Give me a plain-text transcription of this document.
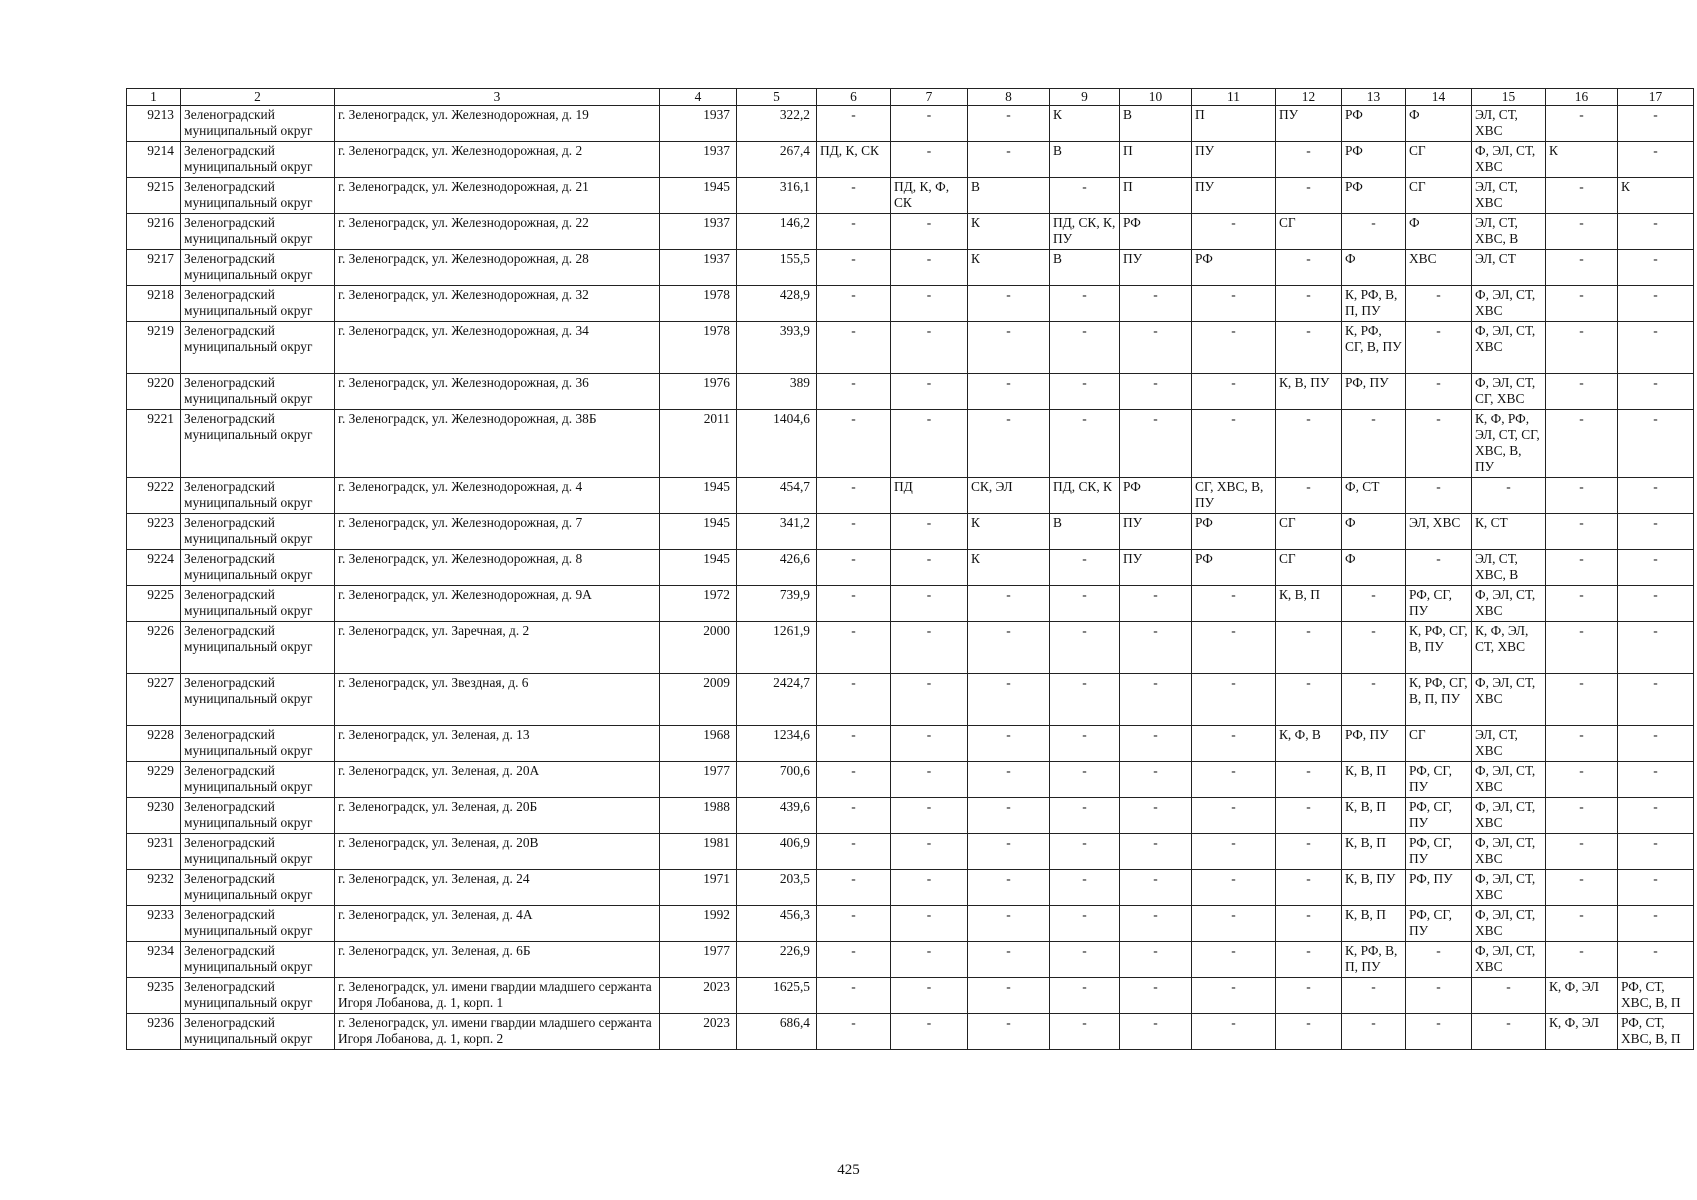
1	2	3	4	5	6	7	8	9	10	11	12	13	14	15	16	17
9213	Зеленоградский муниципальный округ	г. Зеленоградск, ул. Железнодорожная, д. 19	1937	322,2	-	-	-	К	В	П	ПУ	РФ	Ф	ЭЛ, СТ, ХВС	-	-
9214	Зеленоградский муниципальный округ	г. Зеленоградск, ул. Железнодорожная, д. 2	1937	267,4	ПД, К, СК	-	-	В	П	ПУ	-	РФ	СГ	Ф, ЭЛ, СТ, ХВС	К	-
9215	Зеленоградский муниципальный округ	г. Зеленоградск, ул. Железнодорожная, д. 21	1945	316,1	-	ПД, К, Ф, СК	В	-	П	ПУ	-	РФ	СГ	ЭЛ, СТ, ХВС	-	К
9216	Зеленоградский муниципальный округ	г. Зеленоградск, ул. Железнодорожная, д. 22	1937	146,2	-	-	К	ПД, СК, К, ПУ	РФ	-	СГ	-	Ф	ЭЛ, СТ, ХВС, В	-	-
9217	Зеленоградский муниципальный округ	г. Зеленоградск, ул. Железнодорожная, д. 28	1937	155,5	-	-	К	В	ПУ	РФ	-	Ф	ХВС	ЭЛ, СТ	-	-
9218	Зеленоградский муниципальный округ	г. Зеленоградск, ул. Железнодорожная, д. 32	1978	428,9	-	-	-	-	-	-	-	К, РФ, В, П, ПУ	-	Ф, ЭЛ, СТ, ХВС	-	-
9219	Зеленоградский муниципальный округ	г. Зеленоградск, ул. Железнодорожная, д. 34	1978	393,9	-	-	-	-	-	-	-	К, РФ, СГ, В, ПУ	-	Ф, ЭЛ, СТ, ХВС	-	-
9220	Зеленоградский муниципальный округ	г. Зеленоградск, ул. Железнодорожная, д. 36	1976	389	-	-	-	-	-	-	К, В, ПУ	РФ, ПУ	-	Ф, ЭЛ, СТ, СГ, ХВС	-	-
9221	Зеленоградский муниципальный округ	г. Зеленоградск, ул. Железнодорожная, д. 38Б	2011	1404,6	-	-	-	-	-	-	-	-	-	К, Ф, РФ, ЭЛ, СТ, СГ, ХВС, В, ПУ	-	-
9222	Зеленоградский муниципальный округ	г. Зеленоградск, ул. Железнодорожная, д. 4	1945	454,7	-	ПД	СК, ЭЛ	ПД, СК, К	РФ	СГ, ХВС, В, ПУ	-	Ф, СТ	-	-	-	-
9223	Зеленоградский муниципальный округ	г. Зеленоградск, ул. Железнодорожная, д. 7	1945	341,2	-	-	К	В	ПУ	РФ	СГ	Ф	ЭЛ, ХВС	К, СТ	-	-
9224	Зеленоградский муниципальный округ	г. Зеленоградск, ул. Железнодорожная, д. 8	1945	426,6	-	-	К	-	ПУ	РФ	СГ	Ф	-	ЭЛ, СТ, ХВС, В	-	-
9225	Зеленоградский муниципальный округ	г. Зеленоградск, ул. Железнодорожная, д. 9А	1972	739,9	-	-	-	-	-	-	К, В, П	-	РФ, СГ, ПУ	Ф, ЭЛ, СТ, ХВС	-	-
9226	Зеленоградский муниципальный округ	г. Зеленоградск, ул. Заречная, д. 2	2000	1261,9	-	-	-	-	-	-	-	-	К, РФ, СГ, В, ПУ	К, Ф, ЭЛ, СТ, ХВС	-	-
9227	Зеленоградский муниципальный округ	г. Зеленоградск, ул. Звездная, д. 6	2009	2424,7	-	-	-	-	-	-	-	-	К, РФ, СГ, В, П, ПУ	Ф, ЭЛ, СТ, ХВС	-	-
9228	Зеленоградский муниципальный округ	г. Зеленоградск, ул. Зеленая, д. 13	1968	1234,6	-	-	-	-	-	-	К, Ф, В	РФ, ПУ	СГ	ЭЛ, СТ, ХВС	-	-
9229	Зеленоградский муниципальный округ	г. Зеленоградск, ул. Зеленая, д. 20А	1977	700,6	-	-	-	-	-	-	-	К, В, П	РФ, СГ, ПУ	Ф, ЭЛ, СТ, ХВС	-	-
9230	Зеленоградский муниципальный округ	г. Зеленоградск, ул. Зеленая, д. 20Б	1988	439,6	-	-	-	-	-	-	-	К, В, П	РФ, СГ, ПУ	Ф, ЭЛ, СТ, ХВС	-	-
9231	Зеленоградский муниципальный округ	г. Зеленоградск, ул. Зеленая, д. 20В	1981	406,9	-	-	-	-	-	-	-	К, В, П	РФ, СГ, ПУ	Ф, ЭЛ, СТ, ХВС	-	-
9232	Зеленоградский муниципальный округ	г. Зеленоградск, ул. Зеленая, д. 24	1971	203,5	-	-	-	-	-	-	-	К, В, ПУ	РФ, ПУ	Ф, ЭЛ, СТ, ХВС	-	-
9233	Зеленоградский муниципальный округ	г. Зеленоградск, ул. Зеленая, д. 4А	1992	456,3	-	-	-	-	-	-	-	К, В, П	РФ, СГ, ПУ	Ф, ЭЛ, СТ, ХВС	-	-
9234	Зеленоградский муниципальный округ	г. Зеленоградск, ул. Зеленая, д. 6Б	1977	226,9	-	-	-	-	-	-	-	К, РФ, В, П, ПУ	-	Ф, ЭЛ, СТ, ХВС	-	-
9235	Зеленоградский муниципальный округ	г. Зеленоградск, ул. имени гвардии младшего сержанта Игоря Лобанова, д. 1, корп. 1	2023	1625,5	-	-	-	-	-	-	-	-	-	-	К, Ф, ЭЛ	РФ, СТ, ХВС, В, П
9236	Зеленоградский муниципальный округ	г. Зеленоградск, ул. имени гвардии младшего сержанта Игоря Лобанова, д. 1, корп. 2	2023	686,4	-	-	-	-	-	-	-	-	-	-	К, Ф, ЭЛ	РФ, СТ, ХВС, В, П
425
